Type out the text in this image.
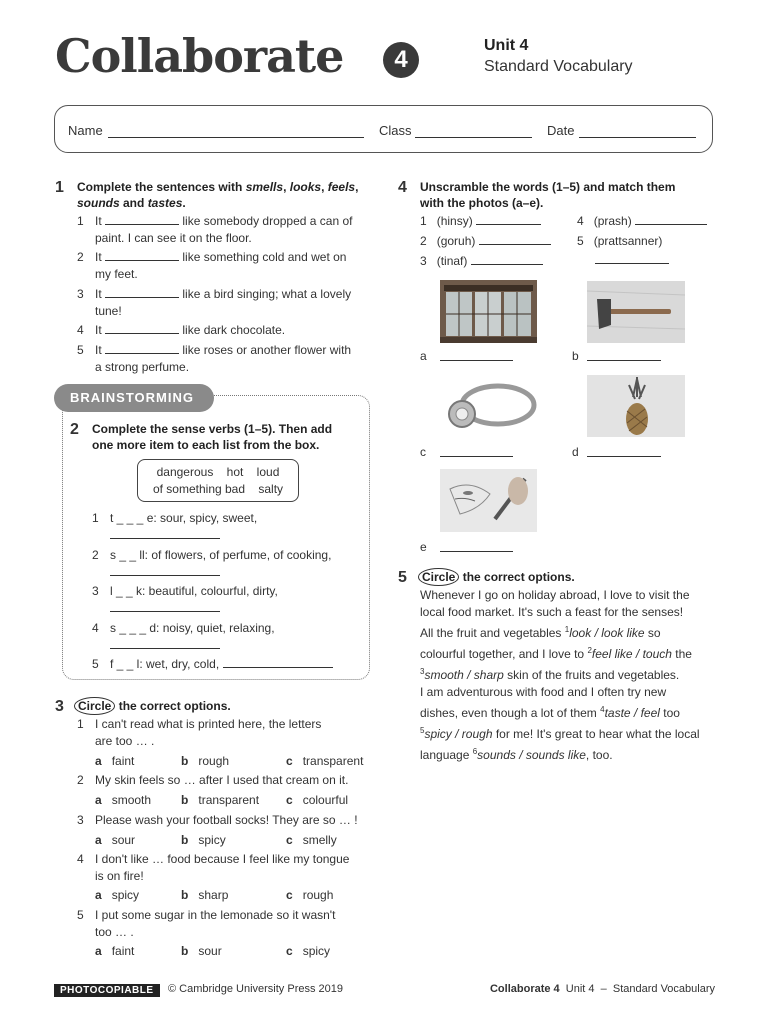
Collaborate	4
Unit 4
Standard Vocabulary
Name	Class	Date
1 Complete the sentences with smells, looks, feels,
sounds and tastes.
1 It	like somebody dropped a can of
paint. I can see it on the floor.
2 It	like something cold and wet on
my feet.
3 It	like a bird singing; what a lovely
tune!
4 It	like dark chocolate.
5 It	like roses or another flower with
a strong perfume.
BRAINSTORMING
2 Complete the sense verbs (1–5). Then add
one more item to each list from the box.
dangerous    hot    loud
of something bad    salty
1 t _ _ _ e: sour, spicy, sweet,

2 s _ _ ll: of flowers, of perfume, of cooking,

3 l _ _ k: beautiful, colourful, dirty,

4 s _ _ _ d: noisy, quiet, relaxing,

5 f _ _ l: wet, dry, cold,
3	Circle the correct options.
1 I can't read what is printed here, the letters
are too … .
a faint	b rough	c transparent
2 My skin feels so … after I used that cream on it.
a smooth b transparent c colourful
3 Please wash your football socks! They are so … !
a sour	b spicy	c smelly
4 I don't like … food because I feel like my tongue
is on fire!
a spicy	b sharp	c rough
5 I put some sugar in the lemonade so it wasn't
too … .
a faint	b sour	c spicy
4 Unscramble the words (1–5) and match them
with the photos (a–e).
1 (hinsy)
2 (goruh)
3 (tinaf)
4 (prash)
5 (prattsanner)
a	b
c	d
e
5	Circle the correct options.
Whenever I go on holiday abroad, I love to visit the
local food market. It's such a feast for the senses!
All the fruit and vegetables $^1$look / look like so
colourful together, and I love to $^2$feel like / touch the
$^3$smooth / sharp skin of the fruits and vegetables.
I am adventurous with food and I often try new
dishes, even though a lot of them $^4$taste / feel too
$^5$spicy / rough for me! It's great to hear what the local
language $^6$sounds / sounds like, too.
PHOTOCOPIABLE	© Cambridge University Press 2019	Collaborate 4  Unit 4  –  Standard Vocabulary
